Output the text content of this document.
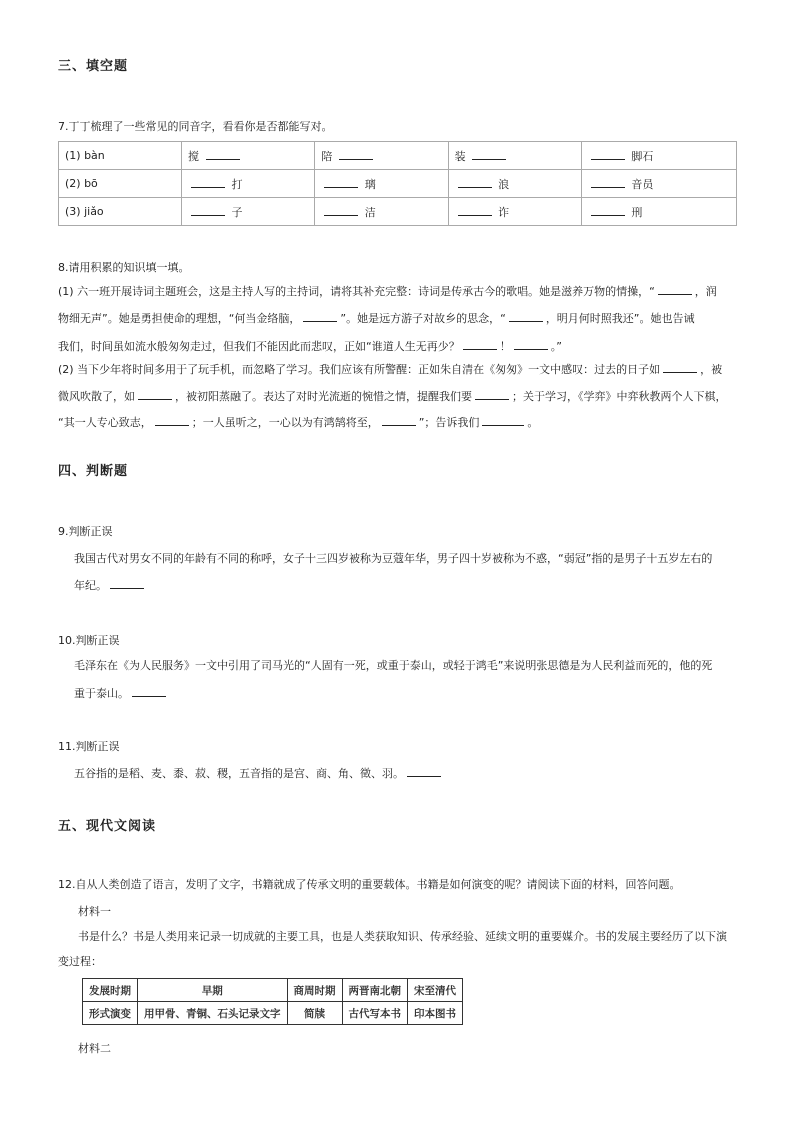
三、填空题
7.丁丁梳理了一些常见的同音字，看看你是否都能写对。
(1) bàn	搅	陪	装	脚石
(2) bō	打	璃	浪	音员
(3) jiǎo	子	洁	诈	刑
8.请用积累的知识填一填。
(1) 六一班开展诗词主题班会，这是主持人写的主持词，请将其补充完整：诗词是传承古今的歌唱。她是滋养万物的情操，“	，润
物细无声”。她是勇担使命的理想，“何当金络脑，	”。她是远方游子对故乡的思念，“	，明月何时照我还”。她也告诫
我们，时间虽如流水般匆匆走过，但我们不能因此而悲叹，正如“谁道人生无再少？	！	。”
(2) 当下少年将时间多用于了玩手机，而忽略了学习。我们应该有所警醒：正如朱自清在《匆匆》一文中感叹：过去的日子如	，被
微风吹散了，如	，被初阳蒸融了。表达了对时光流逝的惋惜之情，提醒我们要	；关于学习，《学弈》中弈秋教两个人下棋，
“其一人专心致志，	；一人虽听之，一心以为有鸿鹄将至，	”；告诉我们	。
四、判断题
9.判断正误
我国古代对男女不同的年龄有不同的称呼，女子十三四岁被称为豆蔻年华，男子四十岁被称为不惑，“弱冠”指的是男子十五岁左右的
年纪。
10.判断正误
毛泽东在《为人民服务》一文中引用了司马光的“人固有一死，或重于泰山，或轻于鸿毛”来说明张思德是为人民利益而死的，他的死
重于泰山。
11.判断正误
五谷指的是稻、麦、黍、菽、稷，五音指的是宫、商、角、徵、羽。
五、现代文阅读
12.自从人类创造了语言，发明了文字，书籍就成了传承文明的重要载体。书籍是如何演变的呢？请阅读下面的材料，回答问题。
材料一
书是什么？书是人类用来记录一切成就的主要工具，也是人类获取知识、传承经验、延续文明的重要媒介。书的发展主要经历了以下演
变过程：
发展时期	早期	商周时期	两晋南北朝	宋至清代
形式演变	用甲骨、青铜、石头记录文字	简牍	古代写本书	印本图书
材料二
